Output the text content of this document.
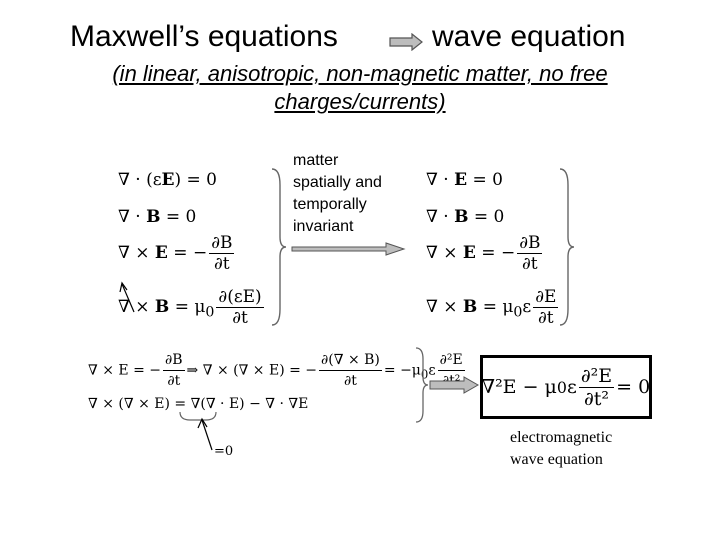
Maxwell’s equations	wave equation
(in linear, anisotropic, non-magnetic matter, no free charges/currents)
∇ · (εE) = 0
∇ · B = 0
∇ × E = − $\frac{\partial B}{\partial t}$
∇ × $B = \mu_0 \frac{\partial(\varepsilon E)}{\partial t}$
matter
spatially and
temporally
invariant
∇ · E = 0
∇ · B = 0
∇ × E = − $\frac{\partial B}{\partial t}$
∇ × $B = \mu_0\varepsilon \frac{\partial E}{\partial t}$
∇ × E = − $\frac{\partial B}{\partial t}$ ⇒ ∇ × (∇ × E) = − $\frac{\partial(\nabla \times B)}{\partial t} = -\mu_0\varepsilon$
∂²E
∇ × (∇ × E) = ∇(∇ · E) − ∇ · ∇E
=0
∇²E − μ 0 ε $\frac{\text{∂²E}}{\text{∂t²}} = 0$
electromagnetic
wave equation
